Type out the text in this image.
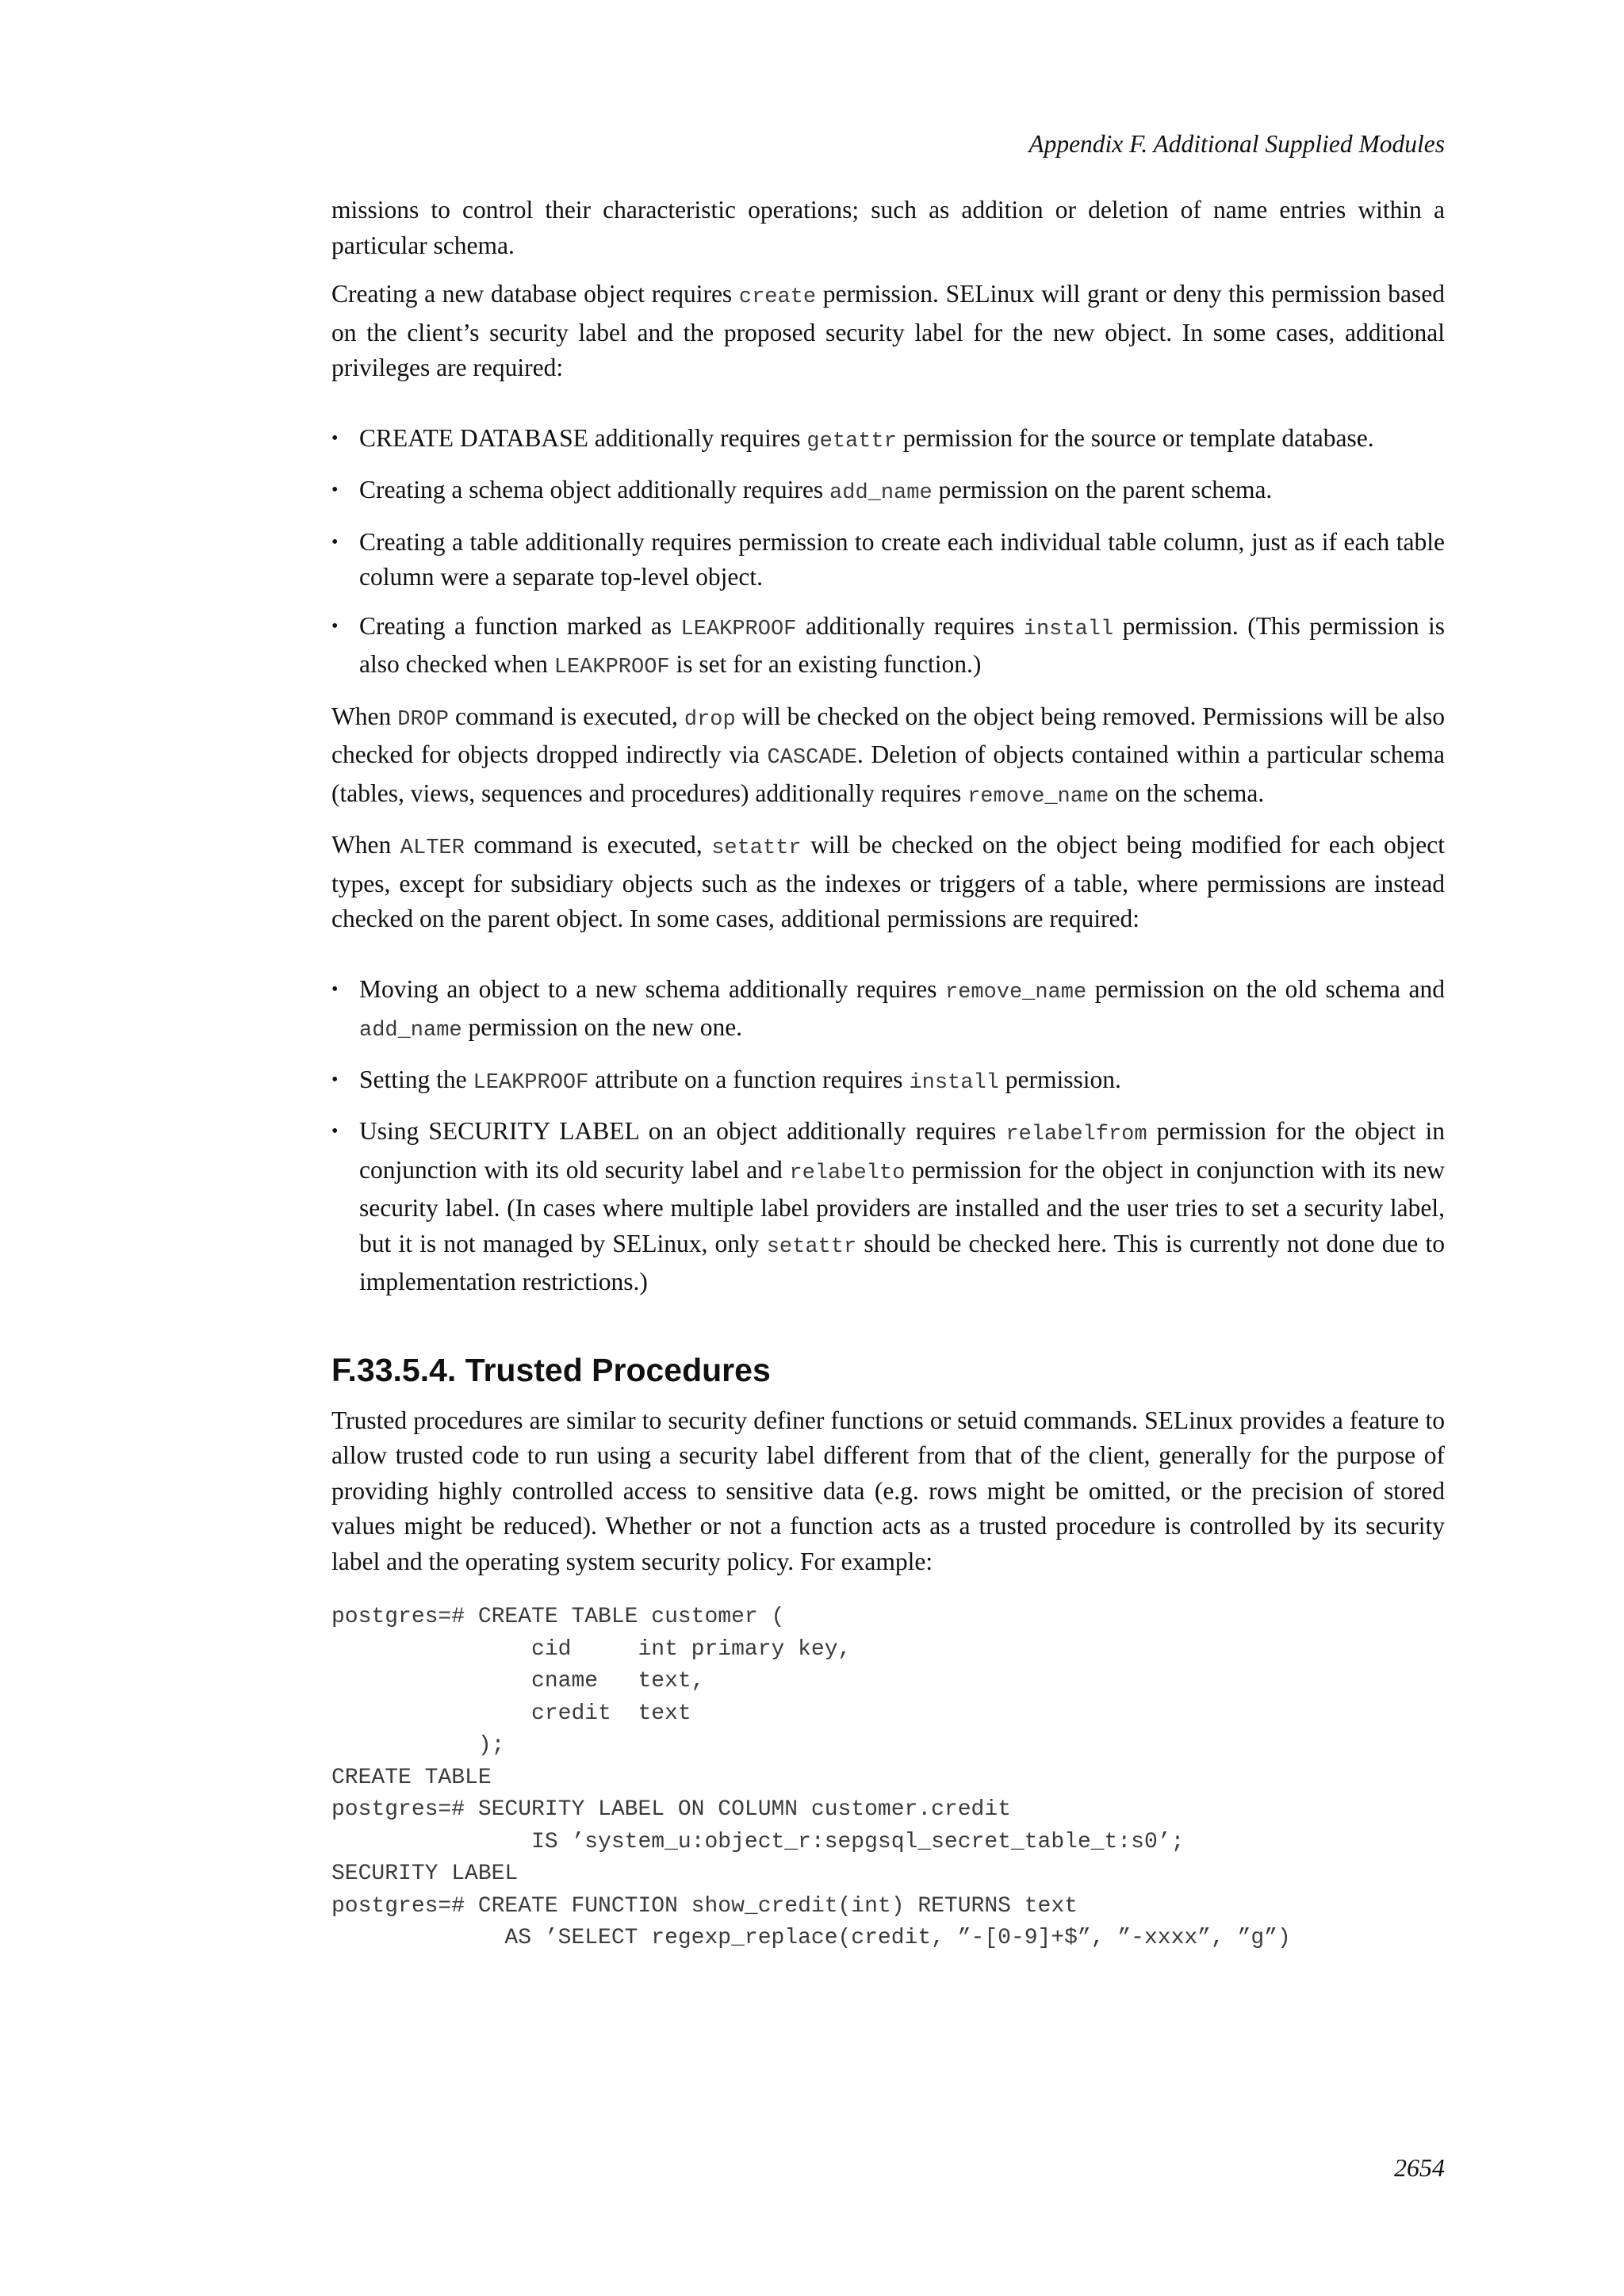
Appendix F. Additional Supplied Modules

missions to control their characteristic operations; such as addition or deletion of name entries within a particular schema.

Creating a new database object requires create permission. SELinux will grant or deny this permission based on the client’s security label and the proposed security label for the new object. In some cases, additional privileges are required:

• CREATE DATABASE additionally requires getattr permission for the source or template database.
• Creating a schema object additionally requires add_name permission on the parent schema.
• Creating a table additionally requires permission to create each individual table column, just as if each table column were a separate top-level object.
• Creating a function marked as LEAKPROOF additionally requires install permission. (This permission is also checked when LEAKPROOF is set for an existing function.)

When DROP command is executed, drop will be checked on the object being removed. Permissions will be also checked for objects dropped indirectly via CASCADE. Deletion of objects contained within a particular schema (tables, views, sequences and procedures) additionally requires remove_name on the schema.

When ALTER command is executed, setattr will be checked on the object being modified for each object types, except for subsidiary objects such as the indexes or triggers of a table, where permissions are instead checked on the parent object. In some cases, additional permissions are required:

• Moving an object to a new schema additionally requires remove_name permission on the old schema and add_name permission on the new one.
• Setting the LEAKPROOF attribute on a function requires install permission.
• Using SECURITY LABEL on an object additionally requires relabelfrom permission for the object in conjunction with its old security label and relabelto permission for the object in conjunction with its new security label. (In cases where multiple label providers are installed and the user tries to set a security label, but it is not managed by SELinux, only setattr should be checked here. This is currently not done due to implementation restrictions.)
F.33.5.4. Trusted Procedures

Trusted procedures are similar to security definer functions or setuid commands. SELinux provides a feature to allow trusted code to run using a security label different from that of the client, generally for the purpose of providing highly controlled access to sensitive data (e.g. rows might be omitted, or the precision of stored values might be reduced). Whether or not a function acts as a trusted procedure is controlled by its security label and the operating system security policy. For example:

postgres=# CREATE TABLE customer (
cid     int primary key,
cname   text,
credit  text
);
CREATE TABLE
postgres=# SECURITY LABEL ON COLUMN customer.credit
IS ’system_u:object_r:sepgsql_secret_table_t:s0’;
SECURITY LABEL
postgres=# CREATE FUNCTION show_credit(int) RETURNS text
AS ’SELECT regexp_replace(credit, ”-[0-9]+$”, ”-xxxx”, ”g”)

2654
